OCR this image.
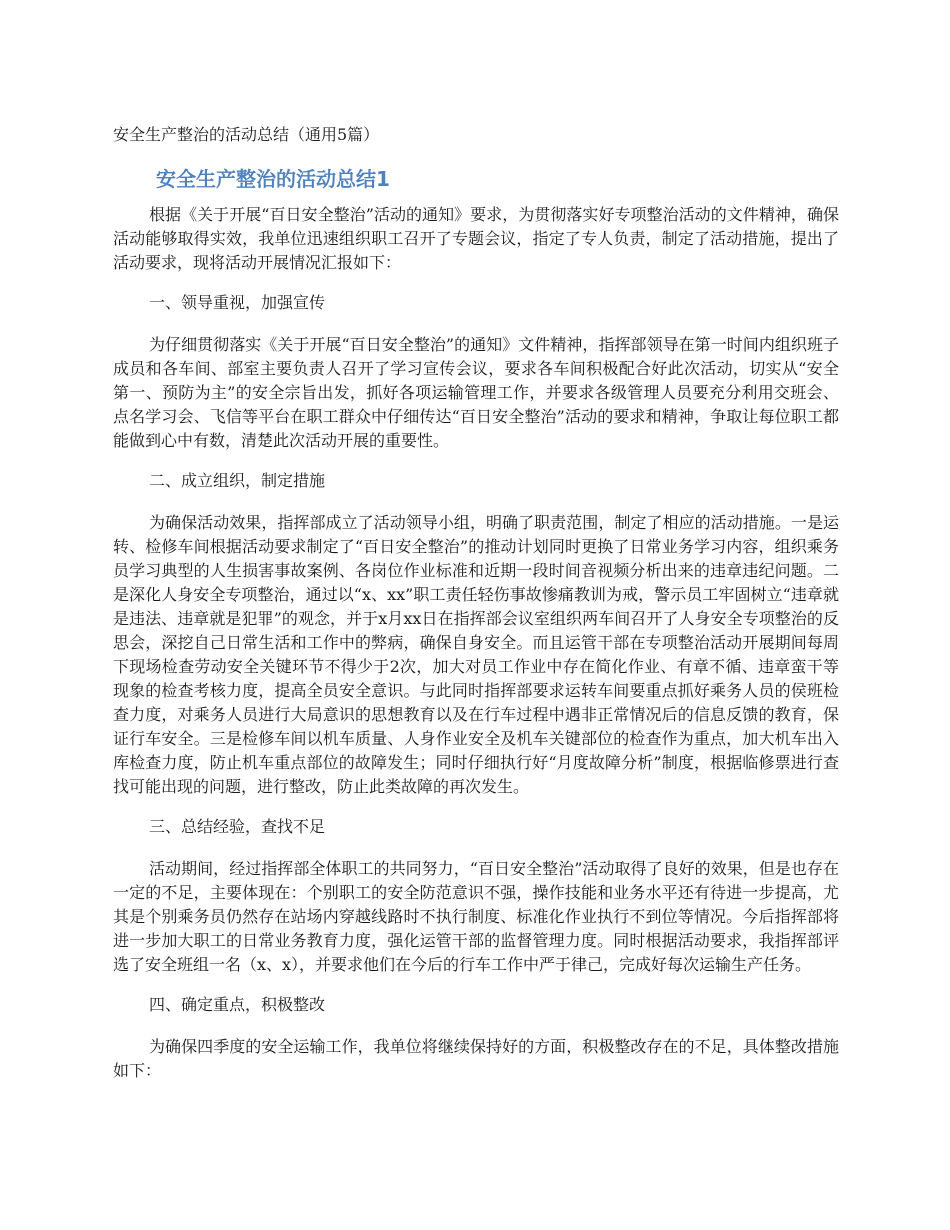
安全生产整治的活动总结（通用5篇）
安全生产整治的活动总结1

根据《关于开展“百日安全整治”活动的通知》要求，为贯彻落实好专项整治活动的文件精神，确保活动能够取得实效，我单位迅速组织职工召开了专题会议，指定了专人负责，制定了活动措施，提出了活动要求，现将活动开展情况汇报如下：

一、领导重视，加强宣传

为仔细贯彻落实《关于开展“百日安全整治”的通知》文件精神，指挥部领导在第一时间内组织班子成员和各车间、部室主要负责人召开了学习宣传会议，要求各车间积极配合好此次活动，切实从“安全第一、预防为主”的安全宗旨出发，抓好各项运输管理工作，并要求各级管理人员要充分利用交班会、点名学习会、飞信等平台在职工群众中仔细传达“百日安全整治”活动的要求和精神，争取让每位职工都能做到心中有数，清楚此次活动开展的重要性。

二、成立组织，制定措施

为确保活动效果，指挥部成立了活动领导小组，明确了职责范围，制定了相应的活动措施。一是运转、检修车间根据活动要求制定了“百日安全整治”的推动计划同时更换了日常业务学习内容，组织乘务员学习典型的人生损害事故案例、各岗位作业标准和近期一段时间音视频分析出来的违章违纪问题。二是深化人身安全专项整治，通过以“x、xx”职工责任轻伤事故惨痛教训为戒，警示员工牢固树立“违章就是违法、违章就是犯罪”的观念，并于x月xx日在指挥部会议室组织两车间召开了人身安全专项整治的反思会，深挖自己日常生活和工作中的弊病，确保自身安全。而且运管干部在专项整治活动开展期间每周下现场检查劳动安全关键环节不得少于2次，加大对员工作业中存在简化作业、有章不循、违章蛮干等现象的检查考核力度，提高全员安全意识。与此同时指挥部要求运转车间要重点抓好乘务人员的侯班检查力度，对乘务人员进行大局意识的思想教育以及在行车过程中遇非正常情况后的信息反馈的教育，保证行车安全。三是检修车间以机车质量、人身作业安全及机车关键部位的检查作为重点，加大机车出入库检查力度，防止机车重点部位的故障发生；同时仔细执行好“月度故障分析”制度，根据临修票进行查找可能出现的问题，进行整改，防止此类故障的再次发生。

三、总结经验，查找不足

活动期间，经过指挥部全体职工的共同努力，“百日安全整治”活动取得了良好的效果，但是也存在一定的不足，主要体现在：个别职工的安全防范意识不强，操作技能和业务水平还有待进一步提高，尤其是个别乘务员仍然存在站场内穿越线路时不执行制度、标准化作业执行不到位等情况。今后指挥部将进一步加大职工的日常业务教育力度，强化运管干部的监督管理力度。同时根据活动要求，我指挥部评选了安全班组一名（x、x），并要求他们在今后的行车工作中严于律己，完成好每次运输生产任务。

四、确定重点，积极整改

为确保四季度的安全运输工作，我单位将继续保持好的方面，积极整改存在的不足，具体整改措施如下：
